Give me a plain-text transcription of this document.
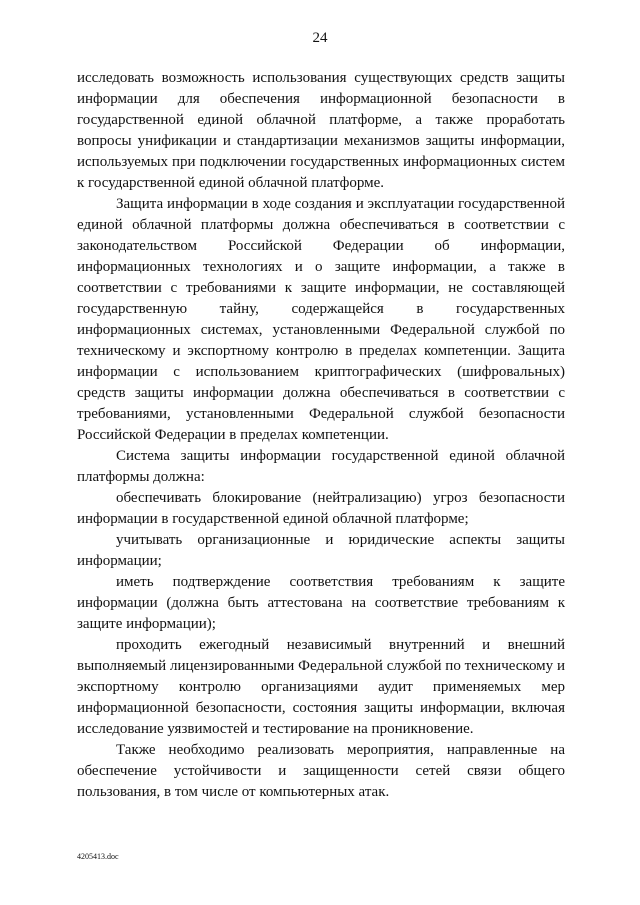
24

исследовать возможность использования существующих средств защиты информации для обеспечения информационной безопасности в государственной единой облачной платформе, а также проработать вопросы унификации и стандартизации механизмов защиты информации, используемых при подключении государственных информационных систем к государственной единой облачной платформе.

Защита информации в ходе создания и эксплуатации государственной единой облачной платформы должна обеспечиваться в соответствии с законодательством Российской Федерации об информации, информационных технологиях и о защите информации, а также в соответствии с требованиями к защите информации, не составляющей государственную тайну, содержащейся в государственных информационных системах, установленными Федеральной службой по техническому и экспортному контролю в пределах компетенции. Защита информации с использованием криптографических (шифровальных) средств защиты информации должна обеспечиваться в соответствии с требованиями, установленными Федеральной службой безопасности Российской Федерации в пределах компетенции.

Система защиты информации государственной единой облачной платформы должна:

обеспечивать блокирование (нейтрализацию) угроз безопасности информации в государственной единой облачной платформе;

учитывать организационные и юридические аспекты защиты информации;

иметь подтверждение соответствия требованиям к защите информации (должна быть аттестована на соответствие требованиям к защите информации);

проходить ежегодный независимый внутренний и внешний выполняемый лицензированными Федеральной службой по техническому и экспортному контролю организациями аудит применяемых мер информационной безопасности, состояния защиты информации, включая исследование уязвимостей и тестирование на проникновение.

Также необходимо реализовать мероприятия, направленные на обеспечение устойчивости и защищенности сетей связи общего пользования, в том числе от компьютерных атак.

4205413.doc
